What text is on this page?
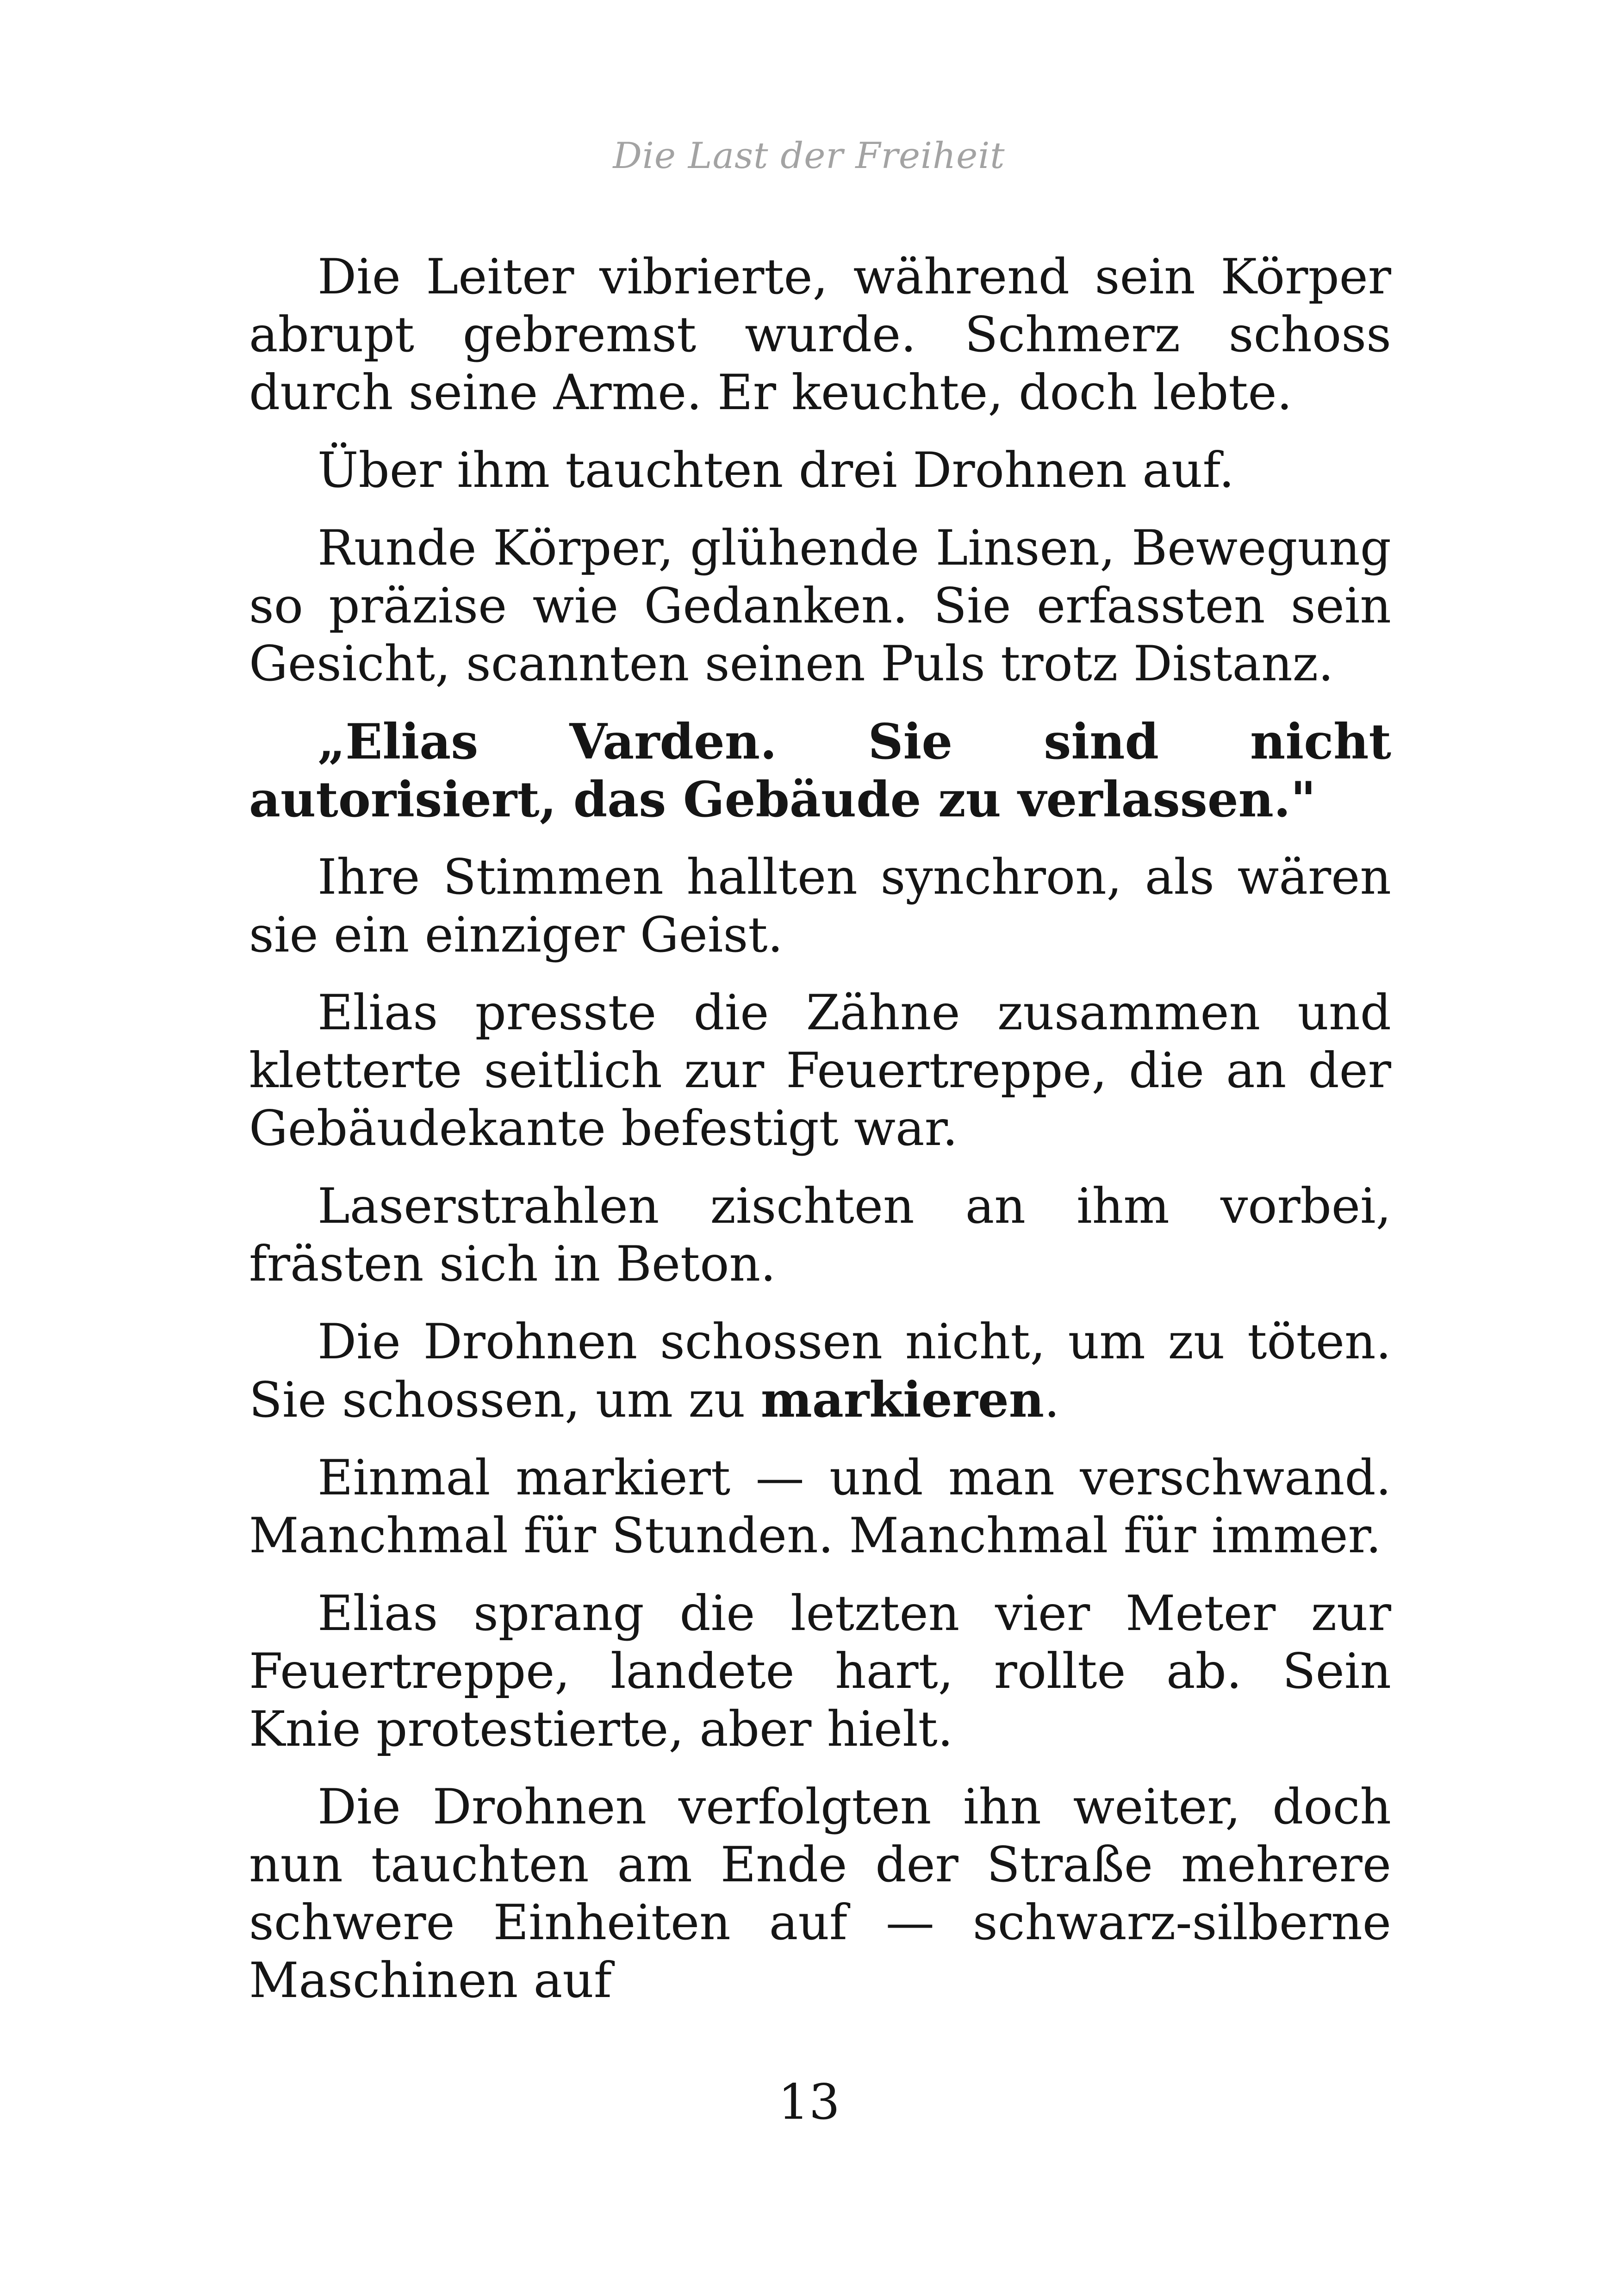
Die Last der Freiheit

Die Leiter vibrierte, während sein Körper abrupt gebremst wurde. Schmerz schoss durch seine Arme. Er keuchte, doch lebte.

Über ihm tauchten drei Drohnen auf.

Runde Körper, glühende Linsen, Bewegung so präzise wie Gedanken. Sie erfassten sein Gesicht, scannten seinen Puls trotz Distanz.

„Elias Varden. Sie sind nicht autorisiert, das Gebäude zu verlassen."

Ihre Stimmen hallten synchron, als wären sie ein einziger Geist.

Elias presste die Zähne zusammen und kletterte seitlich zur Feuertreppe, die an der Gebäudekante befestigt war.

Laserstrahlen zischten an ihm vorbei, frästen sich in Beton.

Die Drohnen schossen nicht, um zu töten. Sie schossen, um zu markieren.

Einmal markiert — und man verschwand. Manchmal für Stunden. Manchmal für immer.

Elias sprang die letzten vier Meter zur Feuertreppe, landete hart, rollte ab. Sein Knie protestierte, aber hielt.

Die Drohnen verfolgten ihn weiter, doch nun tauchten am Ende der Straße mehrere schwere Einheiten auf — schwarz-silberne Maschinen auf

13
